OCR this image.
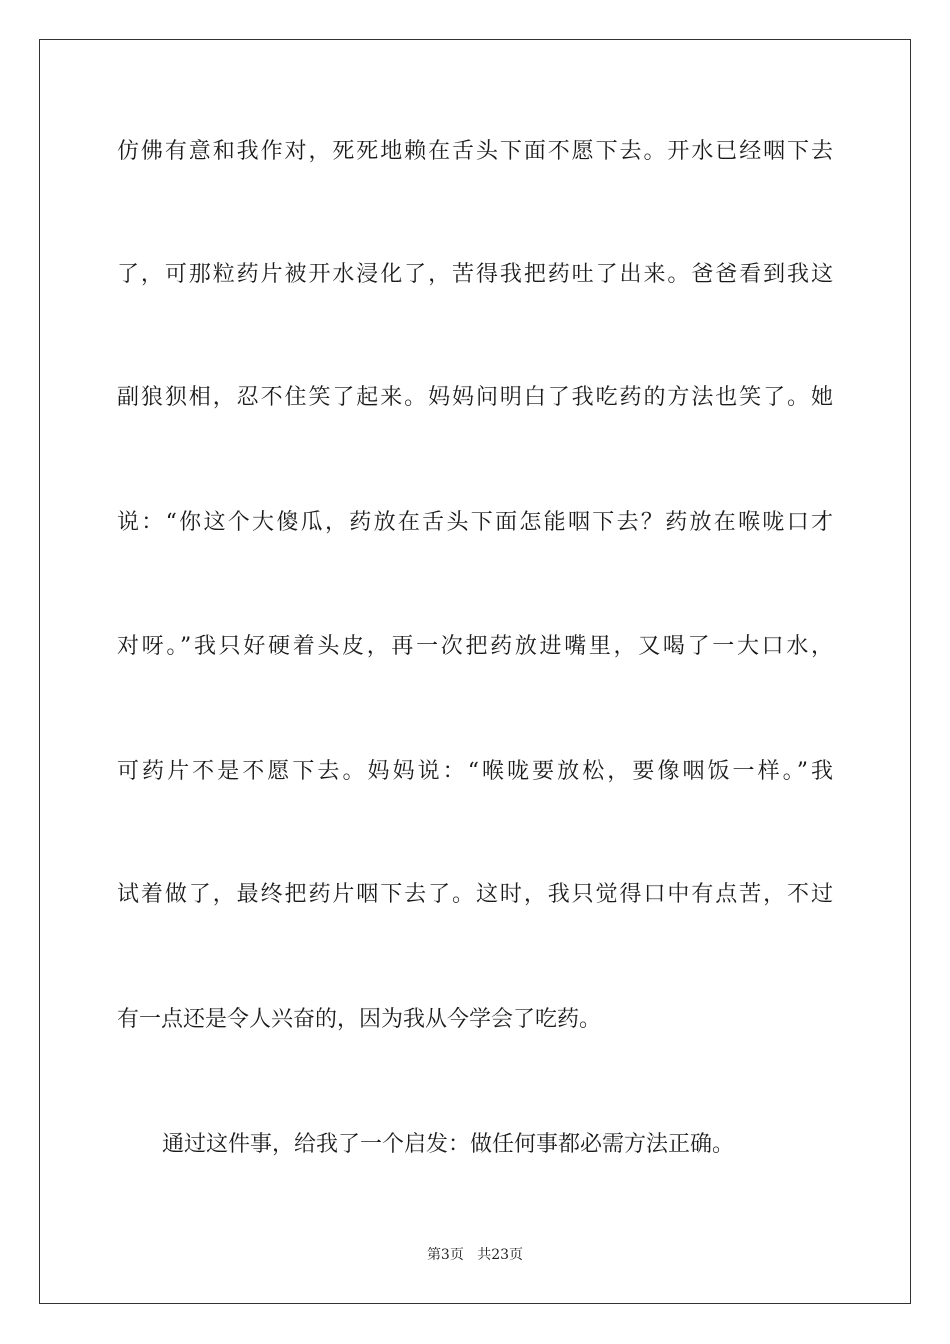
仿佛有意和我作对，死死地赖在舌头下面不愿下去。开水已经咽下去
了，可那粒药片被开水浸化了，苦得我把药吐了出来。爸爸看到我这
副狼狈相，忍不住笑了起来。妈妈问明白了我吃药的方法也笑了。她
说：“你这个大傻瓜，药放在舌头下面怎能咽下去？药放在喉咙口才
对呀。”我只好硬着头皮，再一次把药放进嘴里，又喝了一大口水，
可药片不是不愿下去。妈妈说：“喉咙要放松，要像咽饭一样。”我
试着做了，最终把药片咽下去了。这时，我只觉得口中有点苦，不过
有一点还是令人兴奋的，因为我从今学会了吃药。
通过这件事，给我了一个启发：做任何事都必需方法正确。
第3页 共23页
